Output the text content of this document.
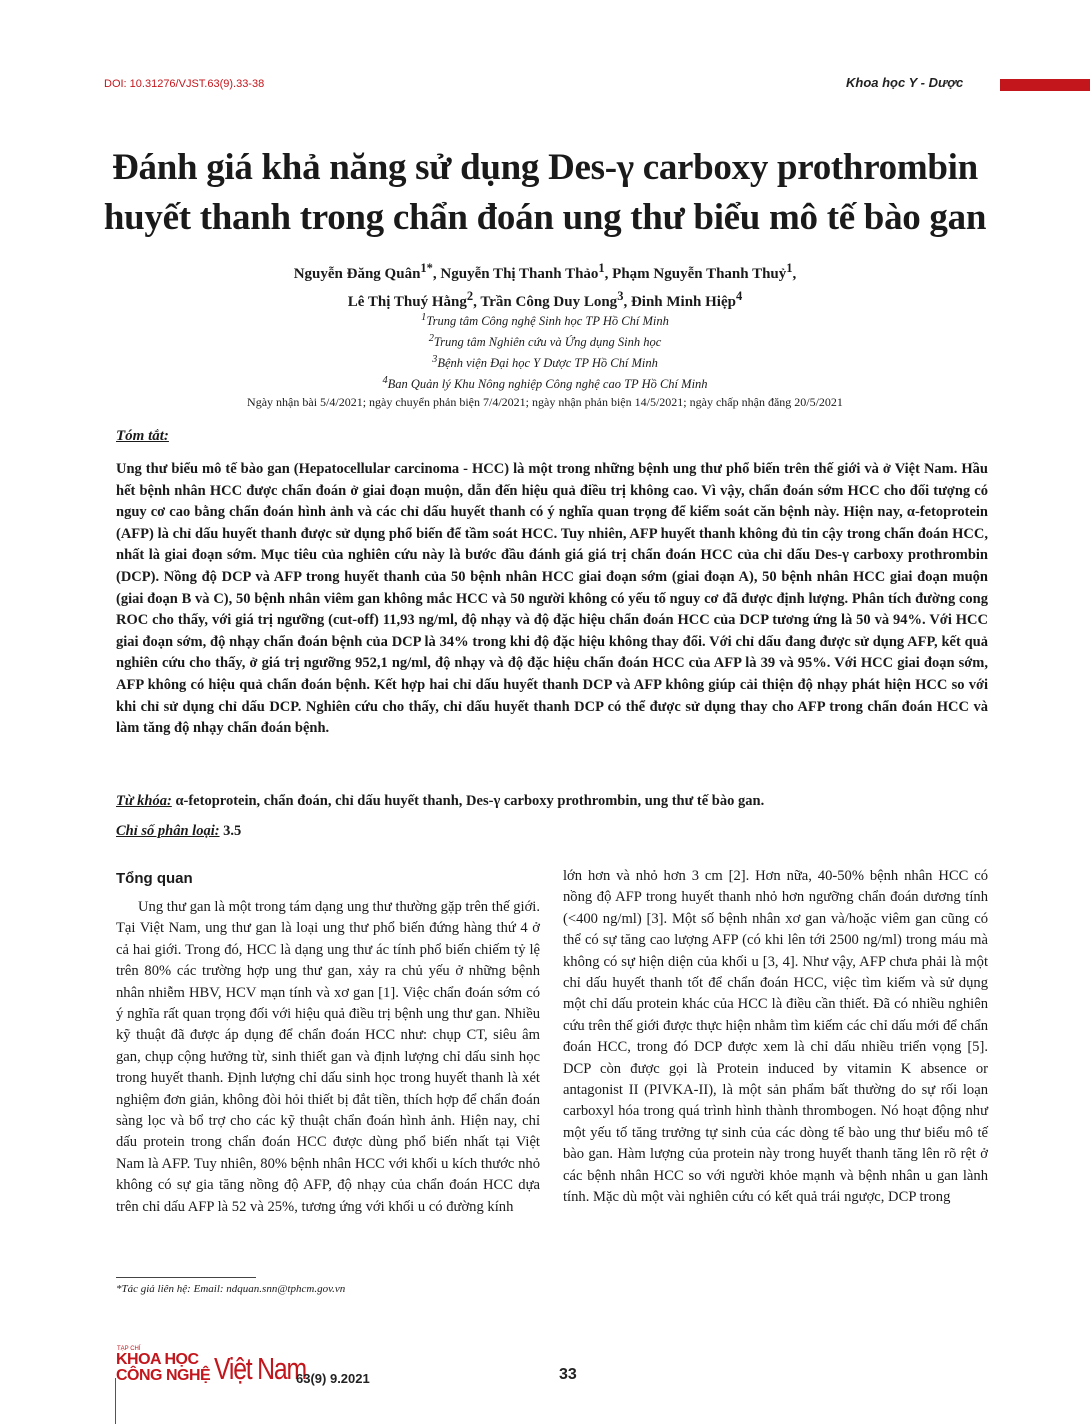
DOI: 10.31276/VJST.63(9).33-38	Khoa học Y - Dược
Đánh giá khả năng sử dụng Des-γ carboxy prothrombin
huyết thanh trong chẩn đoán ung thư biểu mô tế bào gan
Nguyễn Đăng Quân$^{1*}$, Nguyễn Thị Thanh Thảo$^1$, Phạm Nguyễn Thanh Thuỷ$^1$,
Lê Thị Thuý Hằng$^2$, Trần Công Duy Long$^3$, Đinh Minh Hiệp$^4$
$^1$Trung tâm Công nghệ Sinh học TP Hồ Chí Minh
$^2$Trung tâm Nghiên cứu và Ứng dụng Sinh học
$^3$Bệnh viện Đại học Y Dược TP Hồ Chí Minh
$^4$Ban Quản lý Khu Nông nghiệp Công nghệ cao TP Hồ Chí Minh
Ngày nhận bài 5/4/2021; ngày chuyển phản biện 7/4/2021; ngày nhận phản biện 14/5/2021; ngày chấp nhận đăng 20/5/2021
Tóm tắt:
Ung thư biểu mô tế bào gan (Hepatocellular carcinoma - HCC) là một trong những bệnh ung thư phổ biến trên thế giới và ở Việt Nam. Hầu hết bệnh nhân HCC được chẩn đoán ở giai đoạn muộn, dẫn đến hiệu quả điều trị không cao. Vì vậy, chẩn đoán sớm HCC cho đối tượng có nguy cơ cao bằng chẩn đoán hình ảnh và các chỉ dấu huyết thanh có ý nghĩa quan trọng để kiểm soát căn bệnh này. Hiện nay, α-fetoprotein (AFP) là chỉ dấu huyết thanh được sử dụng phổ biến để tầm soát HCC. Tuy nhiên, AFP huyết thanh không đủ tin cậy trong chẩn đoán HCC, nhất là giai đoạn sớm. Mục tiêu của nghiên cứu này là bước đầu đánh giá giá trị chẩn đoán HCC của chỉ dấu Des-γ carboxy prothrombin (DCP). Nồng độ DCP và AFP trong huyết thanh của 50 bệnh nhân HCC giai đoạn sớm (giai đoạn A), 50 bệnh nhân HCC giai đoạn muộn (giai đoạn B và C), 50 bệnh nhân viêm gan không mắc HCC và 50 người không có yếu tố nguy cơ đã được định lượng. Phân tích đường cong ROC cho thấy, với giá trị ngưỡng (cut-off) 11,93 ng/ml, độ nhạy và độ đặc hiệu chẩn đoán HCC của DCP tương ứng là 50 và 94%. Với HCC giai đoạn sớm, độ nhạy chẩn đoán bệnh của DCP là 34% trong khi độ đặc hiệu không thay đổi. Với chỉ dấu đang được sử dụng AFP, kết quả nghiên cứu cho thấy, ở giá trị ngưỡng 952,1 ng/ml, độ nhạy và độ đặc hiệu chẩn đoán HCC của AFP là 39 và 95%. Với HCC giai đoạn sớm, AFP không có hiệu quả chẩn đoán bệnh. Kết hợp hai chỉ dấu huyết thanh DCP và AFP không giúp cải thiện độ nhạy phát hiện HCC so với khi chỉ sử dụng chỉ dấu DCP. Nghiên cứu cho thấy, chỉ dấu huyết thanh DCP có thể được sử dụng thay cho AFP trong chẩn đoán HCC và làm tăng độ nhạy chẩn đoán bệnh.
Từ khóa: α-fetoprotein, chẩn đoán, chỉ dấu huyết thanh, Des-γ carboxy prothrombin, ung thư tế bào gan.
Chỉ số phân loại: 3.5
Tổng quan
Ung thư gan là một trong tám dạng ung thư thường gặp trên thế giới. Tại Việt Nam, ung thư gan là loại ung thư phổ biến đứng hàng thứ 4 ở cả hai giới. Trong đó, HCC là dạng ung thư ác tính phổ biến chiếm tỷ lệ trên 80% các trường hợp ung thư gan, xảy ra chủ yếu ở những bệnh nhân nhiễm HBV, HCV mạn tính và xơ gan [1]. Việc chẩn đoán sớm có ý nghĩa rất quan trọng đối với hiệu quả điều trị bệnh ung thư gan. Nhiều kỹ thuật đã được áp dụng để chẩn đoán HCC như: chụp CT, siêu âm gan, chụp cộng hưởng từ, sinh thiết gan và định lượng chỉ dấu sinh học trong huyết thanh. Định lượng chỉ dấu sinh học trong huyết thanh là xét nghiệm đơn giản, không đòi hỏi thiết bị đắt tiền, thích hợp để chẩn đoán sàng lọc và bổ trợ cho các kỹ thuật chẩn đoán hình ảnh. Hiện nay, chỉ dấu protein trong chẩn đoán HCC được dùng phổ biến nhất tại Việt Nam là AFP. Tuy nhiên, 80% bệnh nhân HCC với khối u kích thước nhỏ không có sự gia tăng nồng độ AFP, độ nhạy của chẩn đoán HCC dựa trên chỉ dấu AFP là 52 và 25%, tương ứng với khối u có đường kính
lớn hơn và nhỏ hơn 3 cm [2]. Hơn nữa, 40-50% bệnh nhân HCC có nồng độ AFP trong huyết thanh nhỏ hơn ngưỡng chẩn đoán dương tính (<400 ng/ml) [3]. Một số bệnh nhân xơ gan và/hoặc viêm gan cũng có thể có sự tăng cao lượng AFP (có khi lên tới 2500 ng/ml) trong máu mà không có sự hiện diện của khối u [3, 4]. Như vậy, AFP chưa phải là một chỉ dấu huyết thanh tốt để chẩn đoán HCC, việc tìm kiếm và sử dụng một chỉ dấu protein khác của HCC là điều cần thiết. Đã có nhiều nghiên cứu trên thế giới được thực hiện nhằm tìm kiếm các chỉ dấu mới để chẩn đoán HCC, trong đó DCP được xem là chỉ dấu nhiều triển vọng [5]. DCP còn được gọi là Protein induced by vitamin K absence or antagonist II (PIVKA-II), là một sản phẩm bất thường do sự rối loạn carboxyl hóa trong quá trình hình thành thrombogen. Nó hoạt động như một yếu tố tăng trưởng tự sinh của các dòng tế bào ung thư biểu mô tế bào gan. Hàm lượng của protein này trong huyết thanh tăng lên rõ rệt ở các bệnh nhân HCC so với người khỏe mạnh và bệnh nhân u gan lành tính. Mặc dù một vài nghiên cứu có kết quả trái ngược, DCP trong
*Tác giả liên hệ: Email: ndquan.snn@tphcm.gov.vn
TẠP CHÍ
KHOA HỌC
CÔNG NGHỆ Việt Nam
63(9) 9.2021	33
